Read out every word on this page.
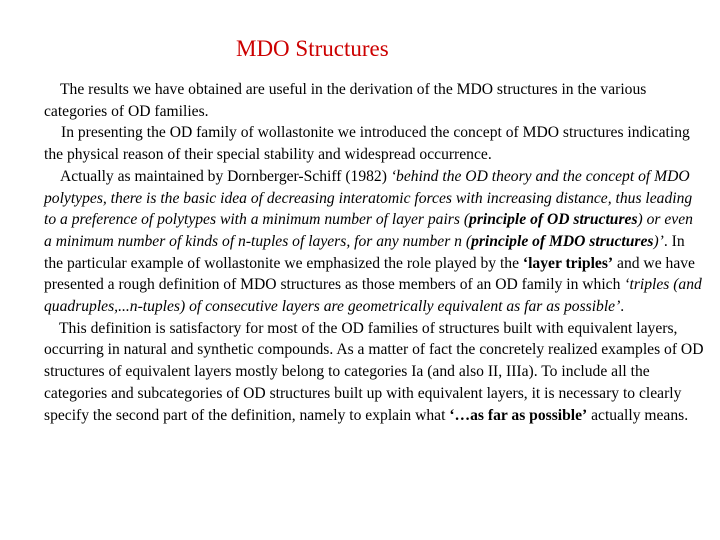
MDO Structures

The results we have obtained are useful in the derivation of the MDO structures in the various categories of OD families.

In presenting the OD family of wollastonite we introduced the concept of MDO structures indicating the physical reason of their special stability and widespread occurrence.

Actually as maintained by Dornberger-Schiff (1982) ‘behind the OD theory and the concept of MDO polytypes, there is the basic idea of decreasing interatomic forces with increasing distance, thus leading to a preference of polytypes with a minimum number of layer pairs (principle of OD structures) or even a minimum number of kinds of n-tuples of layers, for any number n (principle of MDO structures)’. In the particular example of wollastonite we emphasized the role played by the ‘layer triples’ and we have presented a rough definition of MDO structures as those members of an OD family in which ‘triples (and quadruples,...n-tuples) of consecutive layers are geometrically equivalent as far as possible’.

This definition is satisfactory for most of the OD families of structures built with equivalent layers, occurring in natural and synthetic compounds. As a matter of fact the concretely realized examples of OD structures of equivalent layers mostly belong to categories Ia (and also II, IIIa). To include all the categories and subcategories of OD structures built up with equivalent layers, it is necessary to clearly specify the second part of the definition, namely to explain what ‘…as far as possible’ actually means.
